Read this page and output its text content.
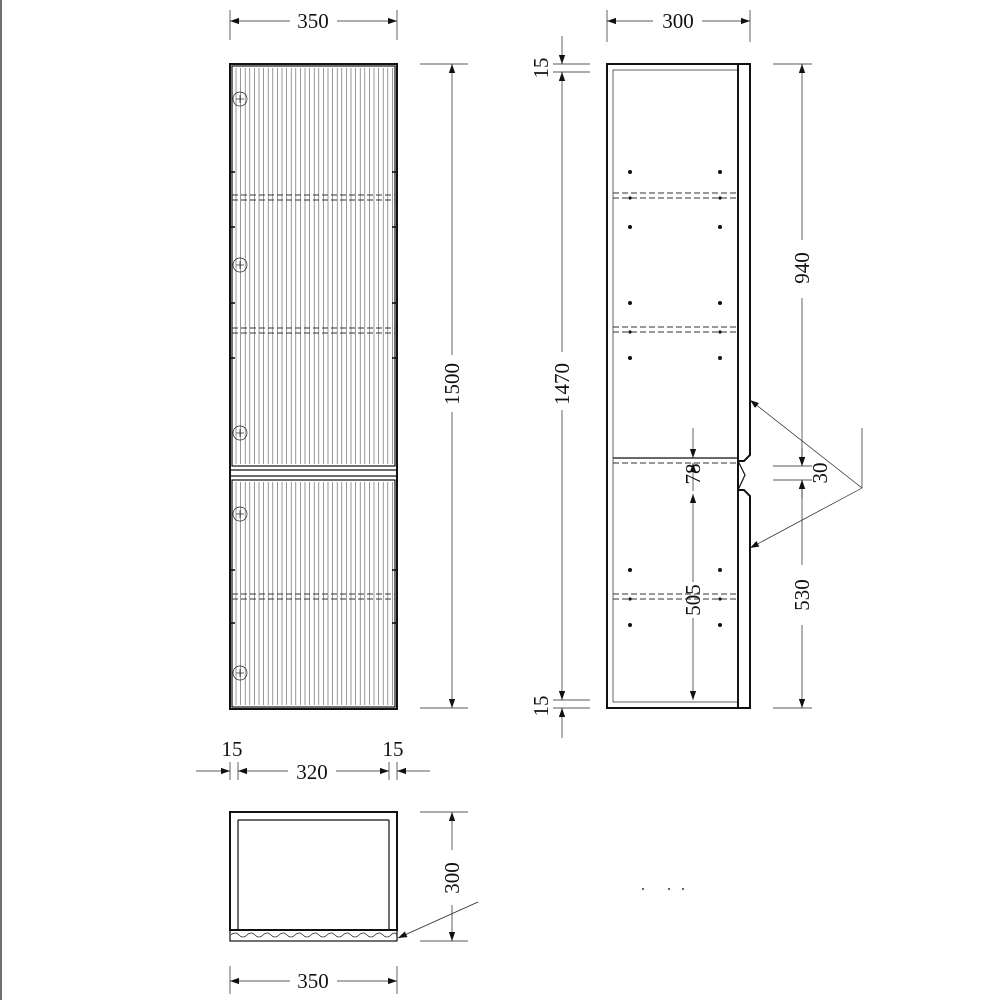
350
1500
300
15
1470
15
78
505
940
30
530
15
320
15
300
350
